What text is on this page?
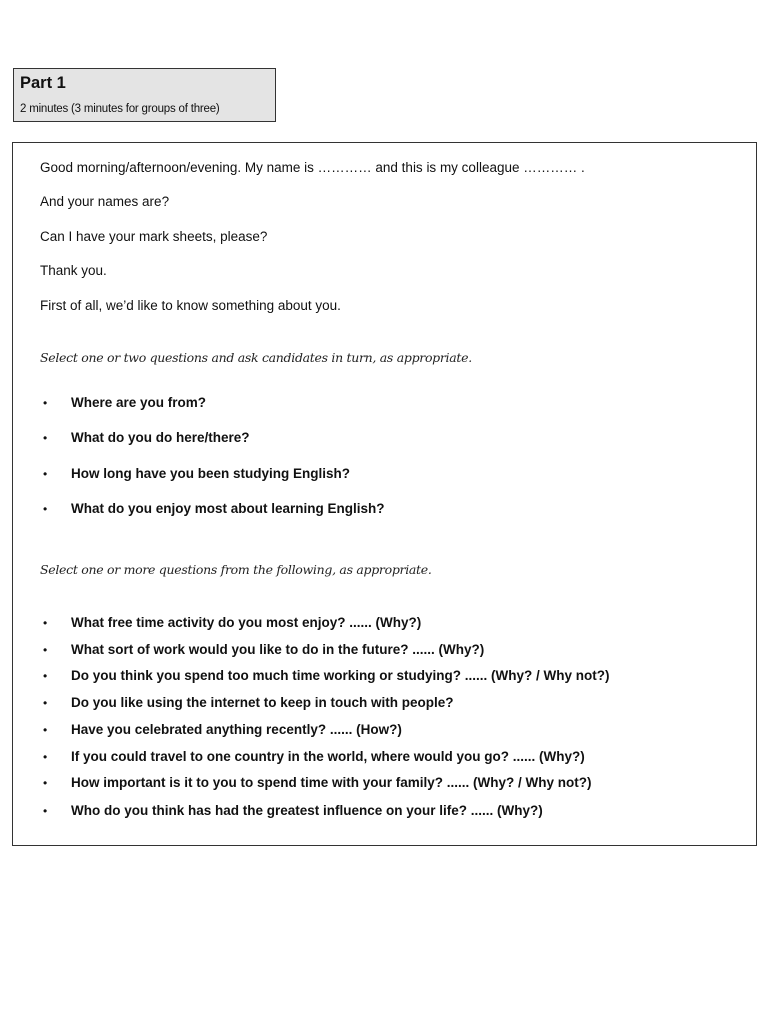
Part 1
2 minutes (3 minutes for groups of three)
Good morning/afternoon/evening. My name is ………… and this is my colleague ………… .
And your names are?
Can I have your mark sheets, please?
Thank you.
First of all, we’d like to know something about you.
Select one or two questions and ask candidates in turn, as appropriate.
• Where are you from?
• What do you do here/there?
• How long have you been studying English?
• What do you enjoy most about learning English?
Select one or more questions from the following, as appropriate.
• What free time activity do you most enjoy? ...... (Why?)
• What sort of work would you like to do in the future? ...... (Why?)
• Do you think you spend too much time working or studying? ...... (Why? / Why not?)
• Do you like using the internet to keep in touch with people?
• Have you celebrated anything recently? ...... (How?)
• If you could travel to one country in the world, where would you go? ...... (Why?)
• How important is it to you to spend time with your family? ...... (Why? / Why not?)
• Who do you think has had the greatest influence on your life? ...... (Why?)
